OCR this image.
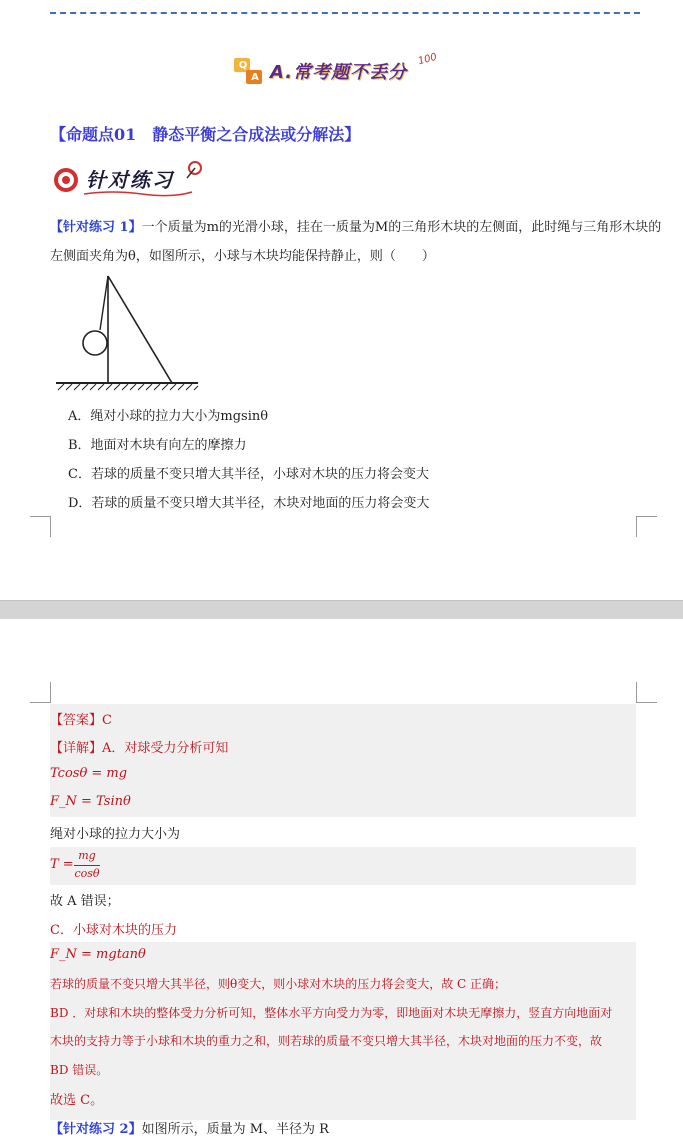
Q
A A.常考题不丢分
100
【命题点01　静态平衡之合成法或分解法】
针对练习
【针对练习 1】一个质量为m的光滑小球，挂在一质量为M的三角形木块的左侧面，此时绳与三角形木块的
左侧面夹角为θ，如图所示，小球与木块均能保持静止，则（　　）
A．绳对小球的拉力大小为mgsinθ
B．地面对木块有向左的摩擦力
C．若球的质量不变只增大其半径，小球对木块的压力将会变大
D．若球的质量不变只增大其半径，木块对地面的压力将会变大
【答案】C
【详解】A．对球受力分析可知
Tcosθ = mg
F_N = Tsinθ
绳对小球的拉力大小为
T =
mg
cosθ
故 A 错误；
C．小球对木块的压力
F_N = mgtanθ
若球的质量不变只增大其半径，则θ变大，则小球对木块的压力将会变大，故 C 正确；
BD ．对球和木块的整体受力分析可知，整体水平方向受力为零，即地面对木块无摩擦力，竖直方向地面对
木块的支持力等于小球和木块的重力之和，则若球的质量不变只增大其半径，木块对地面的压力不变，故
BD 错误。
故选 C。
【针对练习 2】如图所示，质量为 M、半径为 R
